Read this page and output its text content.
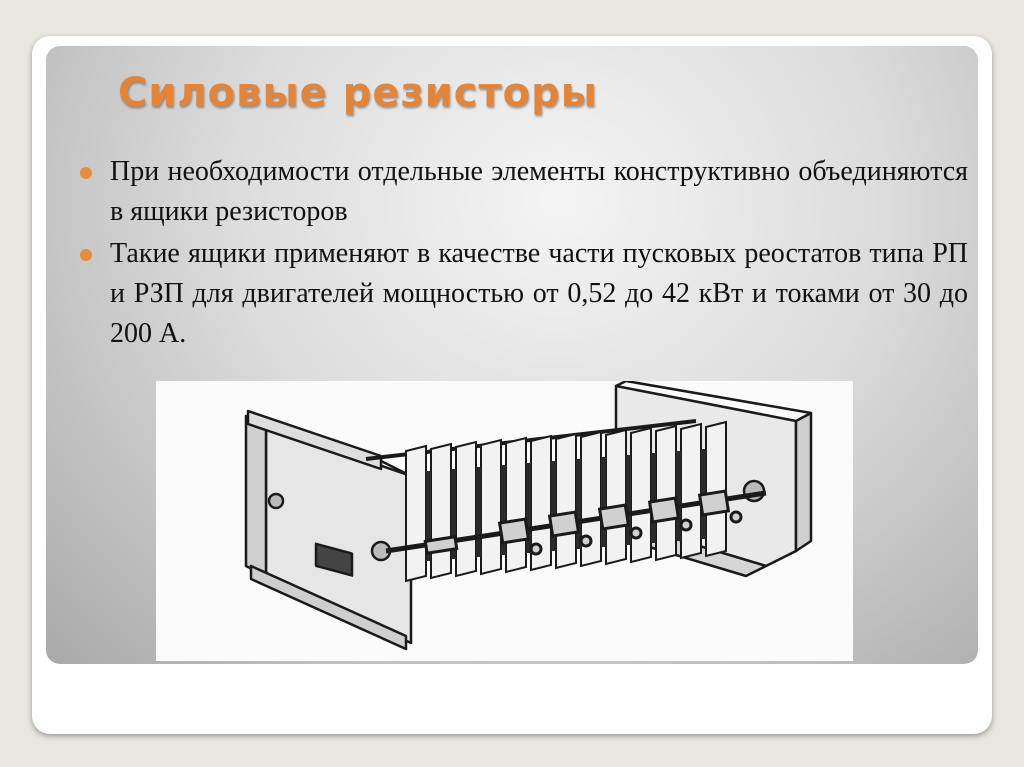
Силовые резисторы
При необходимости отдельные элементы конструктивно объединяются в ящики резисторов
Такие ящики применяют в качестве части пусковых реостатов типа РП и РЗП для двигателей мощностью от 0,52 до 42 кВт и токами от 30 до 200 А.
